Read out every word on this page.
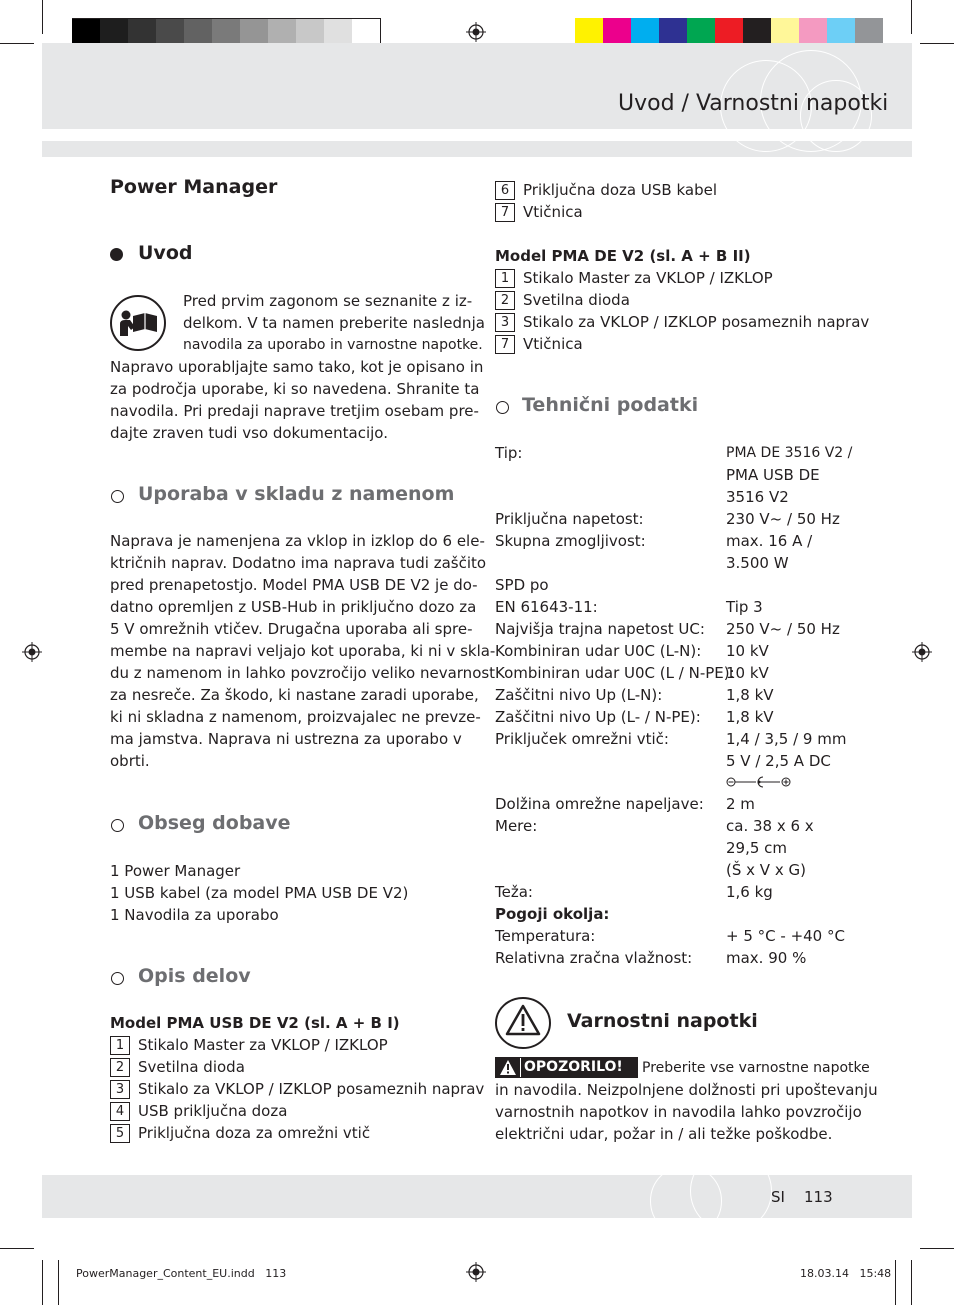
Uvod / Varnostni napotki
SI 113
PowerManager_Content_EU.indd   113	18.03.14   15:48
Power Manager
Uvod
Pred prvim zagonom se seznanite z iz-
delkom. V ta namen preberite naslednja
navodila za uporabo in varnostne napotke.
Napravo uporabljajte samo tako, kot je opisano in
za področja uporabe, ki so navedena. Shranite ta
navodila. Pri predaji naprave tretjim osebam pre-
dajte zraven tudi vso dokumentacijo.
Uporaba v skladu z namenom
Naprava je namenjena za vklop in izklop do 6 ele-
ktričnih naprav. Dodatno ima naprava tudi zaščito
pred prenapetostjo. Model PMA USB DE V2 je do-
datno opremljen z USB-Hub in priključno dozo za
5 V omrežnih vtičev. Drugačna uporaba ali spre-
membe na napravi veljajo kot uporaba, ki ni v skla-
du z namenom in lahko povzročijo veliko nevarnost
za nesreče. Za škodo, ki nastane zaradi uporabe,
ki ni skladna z namenom, proizvajalec ne prevze-
ma jamstva. Naprava ni ustrezna za uporabo v
obrti.
Obseg dobave
1 Power Manager
1 USB kabel (za model PMA USB DE V2)
1 Navodila za uporabo
Opis delov
Model PMA USB DE V2 (sl. A + B I)
1 Stikalo Master za VKLOP / IZKLOP
2 Svetilna dioda
3 Stikalo za VKLOP / IZKLOP posameznih naprav
4 USB priključna doza
5 Priključna doza za omrežni vtič
6 Priključna doza USB kabel
7 Vtičnica
Model PMA DE V2 (sl. A + B II)
1 Stikalo Master za VKLOP / IZKLOP
2 Svetilna dioda
3 Stikalo za VKLOP / IZKLOP posameznih naprav
7 Vtičnica
Tehnični podatki
Tip:	PMA DE 3516 V2 /
PMA USB DE
3516 V2
Priključna napetost:	230 V~ / 50 Hz
Skupna zmogljivost:	max. 16 A /
3.500 W
SPD po
EN 61643-11:	Tip 3
Najvišja trajna napetost UC: 250 V~ / 50 Hz
Kombiniran udar U0C (L-N): 10 kV
Kombiniran udar U0C (L / N-PE):
10 kV
Zaščitni nivo Up (L-N):	1,8 kV
Zaščitni nivo Up (L- / N-PE): 1,8 kV
Priključek omrežni vtič:	1,4 / 3,5 / 9 mm
5 V / 2,5 A DC
Dolžina omrežne napeljave: 2 m
Mere:	ca. 38 x 6 x
29,5 cm
(Š x V x G)
Teža:	1,6 kg
Pogoji okolja:
Temperatura:	+ 5 °C - +40 °C
Relativna zračna vlažnost: max. 90 %
Varnostni napotki
OPOZORILO! Preberite vse varnostne napotke
in navodila. Neizpolnjene dolžnosti pri upoštevanju
varnostnih napotkov in navodila lahko povzročijo
električni udar, požar in / ali težke poškodbe.
